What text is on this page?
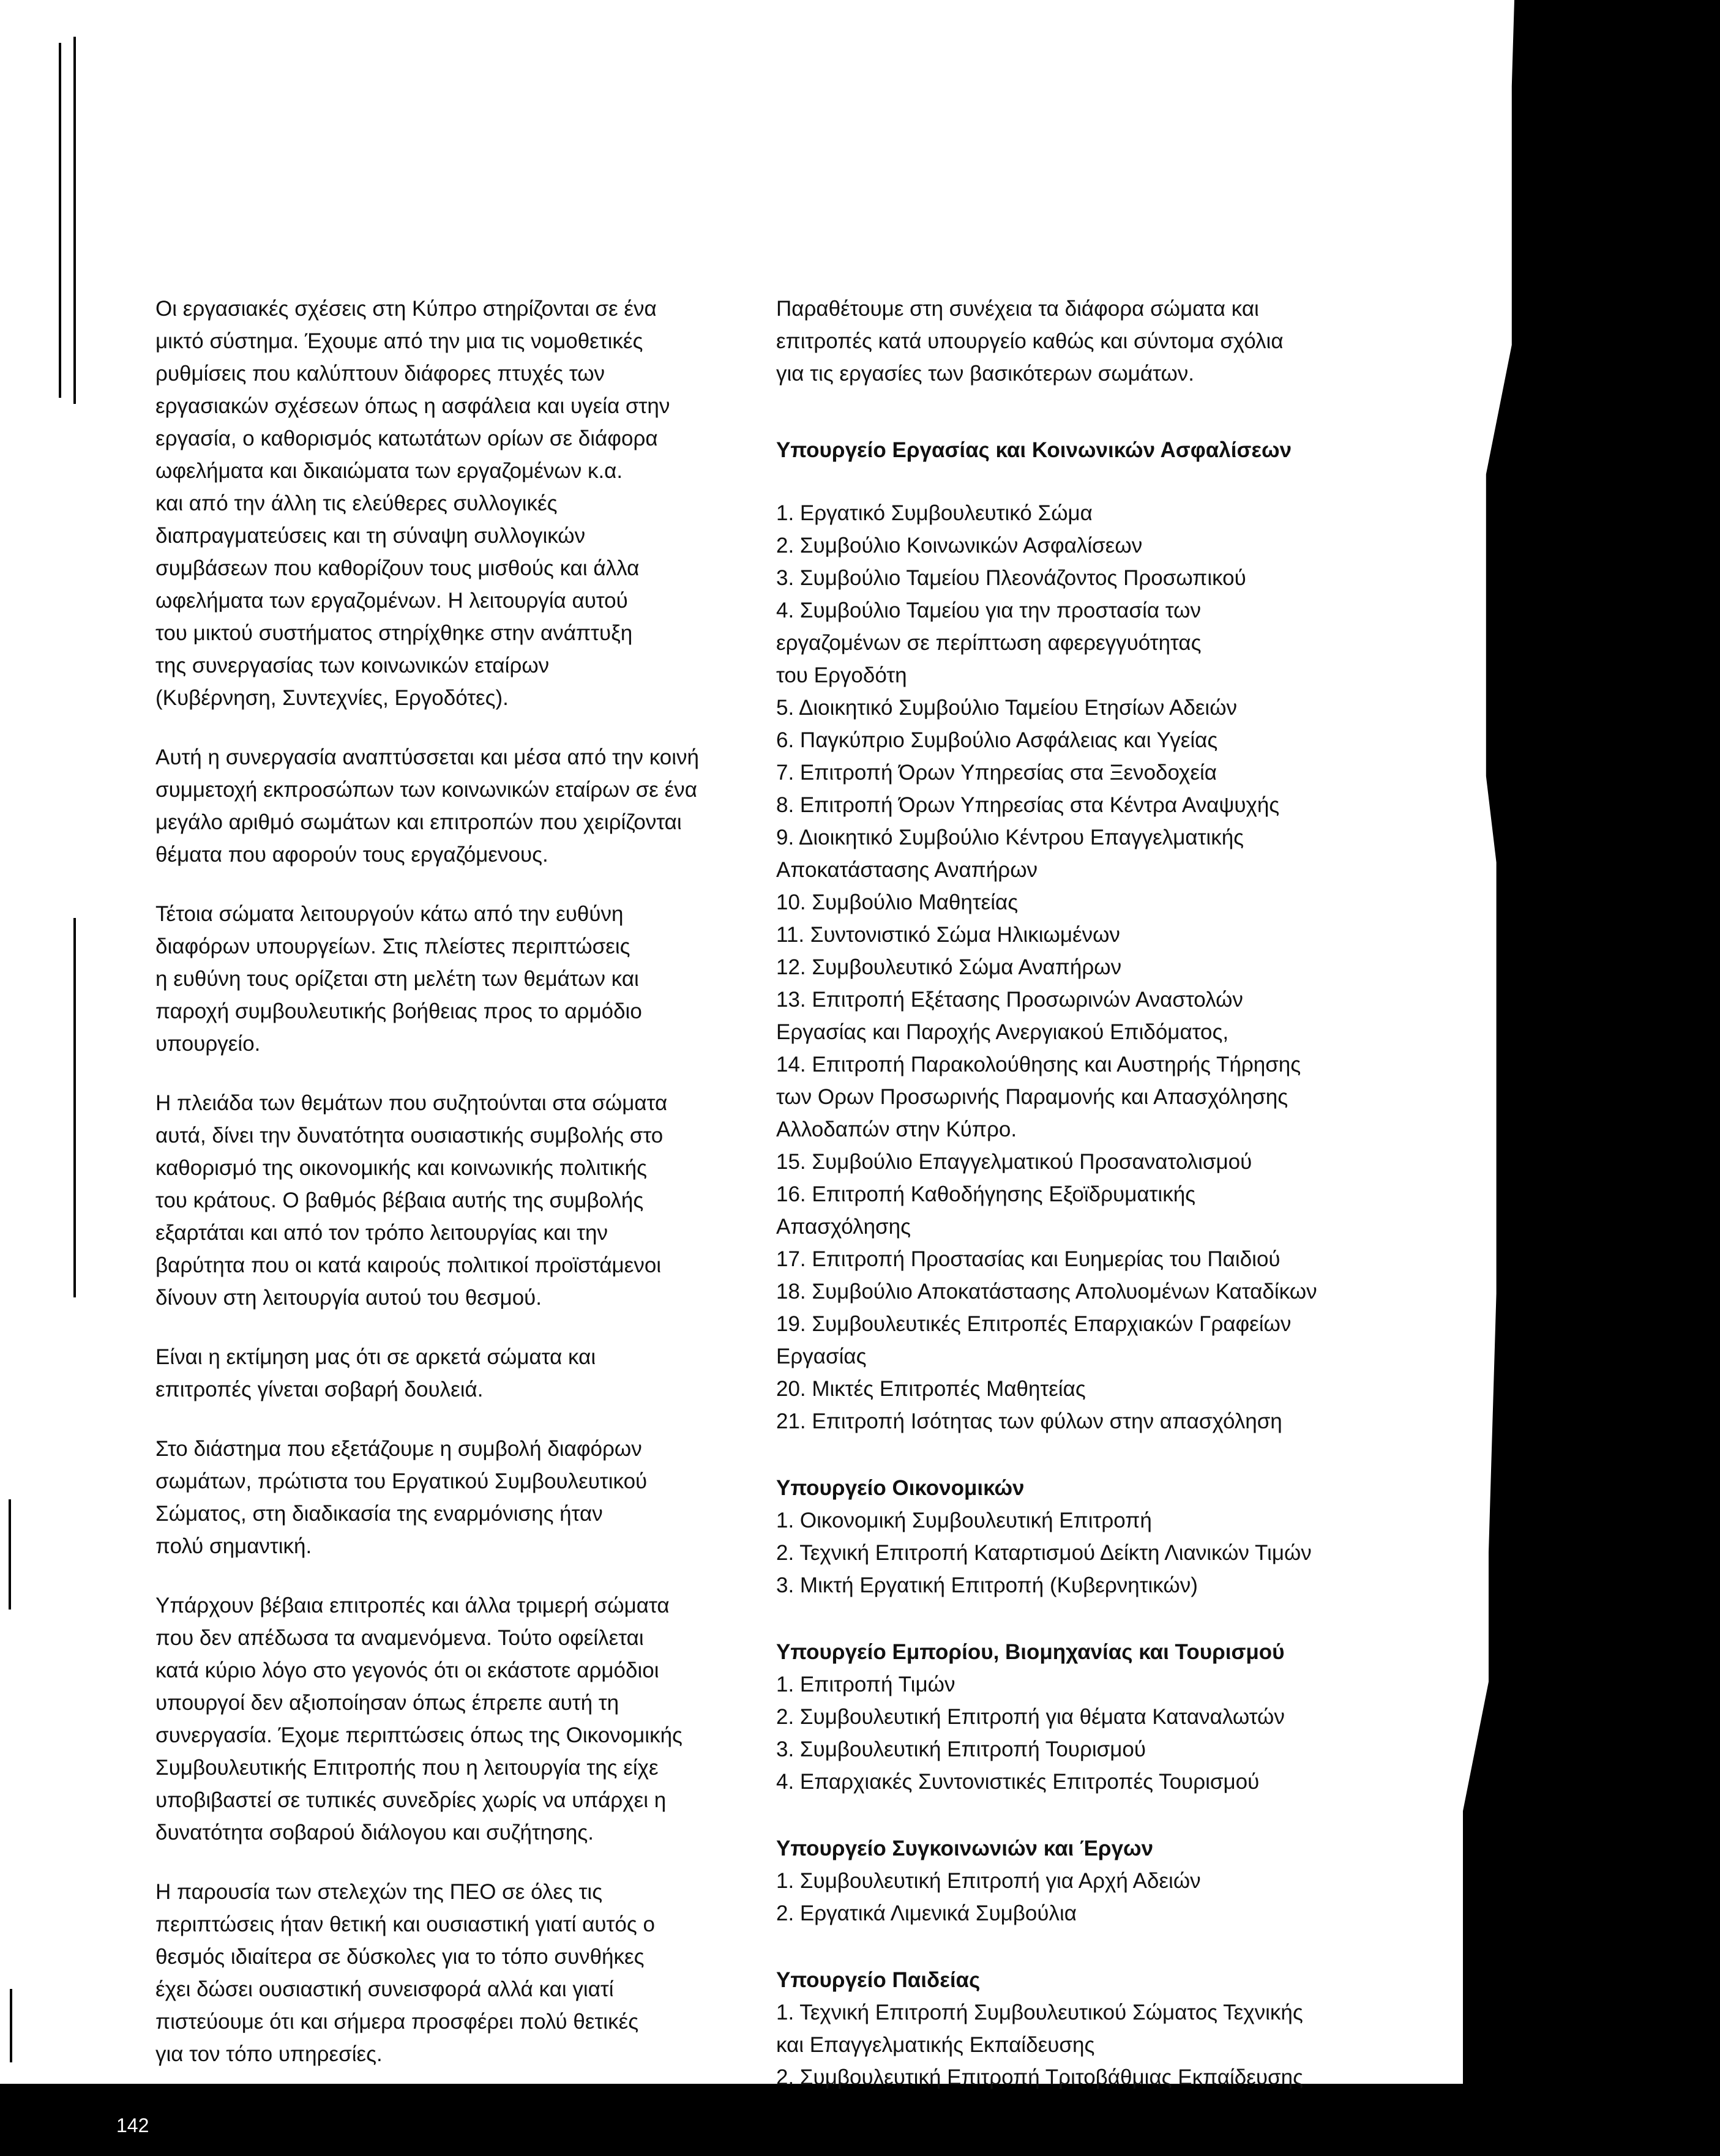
Οι εργασιακές σχέσεις στη Κύπρο στηρίζονται σε ένα
μικτό σύστημα. Έχουμε από την μια τις νομοθετικές
ρυθμίσεις που καλύπτουν διάφορες πτυχές των
εργασιακών σχέσεων όπως η ασφάλεια και υγεία στην
εργασία, ο καθορισμός κατωτάτων ορίων σε διάφορα
ωφελήματα και δικαιώματα των εργαζομένων κ.α.
και από την άλλη τις ελεύθερες συλλογικές
διαπραγματεύσεις και τη σύναψη συλλογικών
συμβάσεων που καθορίζουν τους μισθούς και άλλα
ωφελήματα των εργαζομένων. Η λειτουργία αυτού
του μικτού συστήματος στηρίχθηκε στην ανάπτυξη
της συνεργασίας των κοινωνικών εταίρων
(Κυβέρνηση, Συντεχνίες, Εργοδότες).

Αυτή η συνεργασία αναπτύσσεται και μέσα από την κοινή
συμμετοχή εκπροσώπων των κοινωνικών εταίρων σε ένα
μεγάλο αριθμό σωμάτων και επιτροπών που χειρίζονται
θέματα που αφορούν τους εργαζόμενους.

Τέτοια σώματα λειτουργούν κάτω από την ευθύνη
διαφόρων υπουργείων. Στις πλείστες περιπτώσεις
η ευθύνη τους ορίζεται στη μελέτη των θεμάτων και
παροχή συμβουλευτικής βοήθειας προς το αρμόδιο
υπουργείο.

Η πλειάδα των θεμάτων που συζητούνται στα σώματα
αυτά, δίνει την δυνατότητα ουσιαστικής συμβολής στο
καθορισμό της οικονομικής και κοινωνικής πολιτικής
του κράτους. Ο βαθμός βέβαια αυτής της συμβολής
εξαρτάται και από τον τρόπο λειτουργίας και την
βαρύτητα που οι κατά καιρούς πολιτικοί προϊστάμενοι
δίνουν στη λειτουργία αυτού του θεσμού.

Είναι η εκτίμηση μας ότι σε αρκετά σώματα και
επιτροπές γίνεται σοβαρή δουλειά.

Στο διάστημα που εξετάζουμε η συμβολή διαφόρων
σωμάτων, πρώτιστα του Εργατικού Συμβουλευτικού
Σώματος, στη διαδικασία της εναρμόνισης ήταν
πολύ σημαντική.

Υπάρχουν βέβαια επιτροπές και άλλα τριμερή σώματα
που δεν απέδωσα τα αναμενόμενα. Τούτο οφείλεται
κατά κύριο λόγο στο γεγονός ότι οι εκάστοτε αρμόδιοι
υπουργοί δεν αξιοποίησαν όπως έπρεπε αυτή τη
συνεργασία. Έχομε περιπτώσεις όπως της Οικονομικής
Συμβουλευτικής Επιτροπής που η λειτουργία της είχε
υποβιβαστεί σε τυπικές συνεδρίες χωρίς να υπάρχει η
δυνατότητα σοβαρού διάλογου και συζήτησης.

Η παρουσία των στελεχών της ΠΕΟ σε όλες τις
περιπτώσεις ήταν θετική και ουσιαστική γιατί αυτός ο
θεσμός ιδιαίτερα σε δύσκολες για το τόπο συνθήκες
έχει δώσει ουσιαστική συνεισφορά αλλά και γιατί
πιστεύουμε ότι και σήμερα προσφέρει πολύ θετικές
για τον τόπο υπηρεσίες.

Παραθέτουμε στη συνέχεια τα διάφορα σώματα και
επιτροπές κατά υπουργείο καθώς και σύντομα σχόλια
για τις εργασίες των βασικότερων σωμάτων.

Υπουργείο Εργασίας και Κοινωνικών Ασφαλίσεων

1. Εργατικό Συμβουλευτικό Σώμα
2. Συμβούλιο Κοινωνικών Ασφαλίσεων
3. Συμβούλιο Ταμείου Πλεονάζοντος Προσωπικού
4. Συμβούλιο Ταμείου για την προστασία των
εργαζομένων σε περίπτωση αφερεγγυότητας
του Εργοδότη
5. Διοικητικό Συμβούλιο Ταμείου Ετησίων Αδειών
6. Παγκύπριο Συμβούλιο Ασφάλειας και Υγείας
7. Επιτροπή Όρων Υπηρεσίας στα Ξενοδοχεία
8. Επιτροπή Όρων Υπηρεσίας στα Κέντρα Αναψυχής
9. Διοικητικό Συμβούλιο Κέντρου Επαγγελματικής
Αποκατάστασης Αναπήρων
10. Συμβούλιο Μαθητείας
11. Συντονιστικό Σώμα Ηλικιωμένων
12. Συμβουλευτικό Σώμα Αναπήρων
13. Επιτροπή Εξέτασης Προσωρινών Αναστολών
Εργασίας και Παροχής Ανεργιακού Επιδόματος,
14. Επιτροπή Παρακολούθησης και Αυστηρής Τήρησης
των Ορων Προσωρινής Παραμονής και Απασχόλησης
Αλλοδαπών στην Κύπρο.
15. Συμβούλιο Επαγγελματικού Προσανατολισμού
16. Επιτροπή Καθοδήγησης Εξοϊδρυματικής
Απασχόλησης
17. Επιτροπή Προστασίας και Ευημερίας του Παιδιού
18. Συμβούλιο Αποκατάστασης Απολυομένων Καταδίκων
19. Συμβουλευτικές Επιτροπές Επαρχιακών Γραφείων
Εργασίας
20. Μικτές Επιτροπές Μαθητείας
21. Επιτροπή Ισότητας των φύλων στην απασχόληση

Υπουργείο Οικονομικών

1. Οικονομική Συμβουλευτική Επιτροπή
2. Τεχνική Επιτροπή Καταρτισμού Δείκτη Λιανικών Τιμών
3. Μικτή Εργατική Επιτροπή (Κυβερνητικών)

Υπουργείο Εμπορίου, Βιομηχανίας και Τουρισμού

1. Επιτροπή Τιμών
2. Συμβουλευτική Επιτροπή για θέματα Καταναλωτών
3. Συμβουλευτική Επιτροπή Τουρισμού
4. Επαρχιακές Συντονιστικές Επιτροπές Τουρισμού

Υπουργείο Συγκοινωνιών και Έργων

1. Συμβουλευτική Επιτροπή για Αρχή Αδειών
2. Εργατικά Λιμενικά Συμβούλια

Υπουργείο Παιδείας

1. Τεχνική Επιτροπή Συμβουλευτικού Σώματος Τεχνικής
και Επαγγελματικής Εκπαίδευσης
2. Συμβουλευτική Επιτροπή Τριτοβάθμιας Εκπαίδευσης
142
